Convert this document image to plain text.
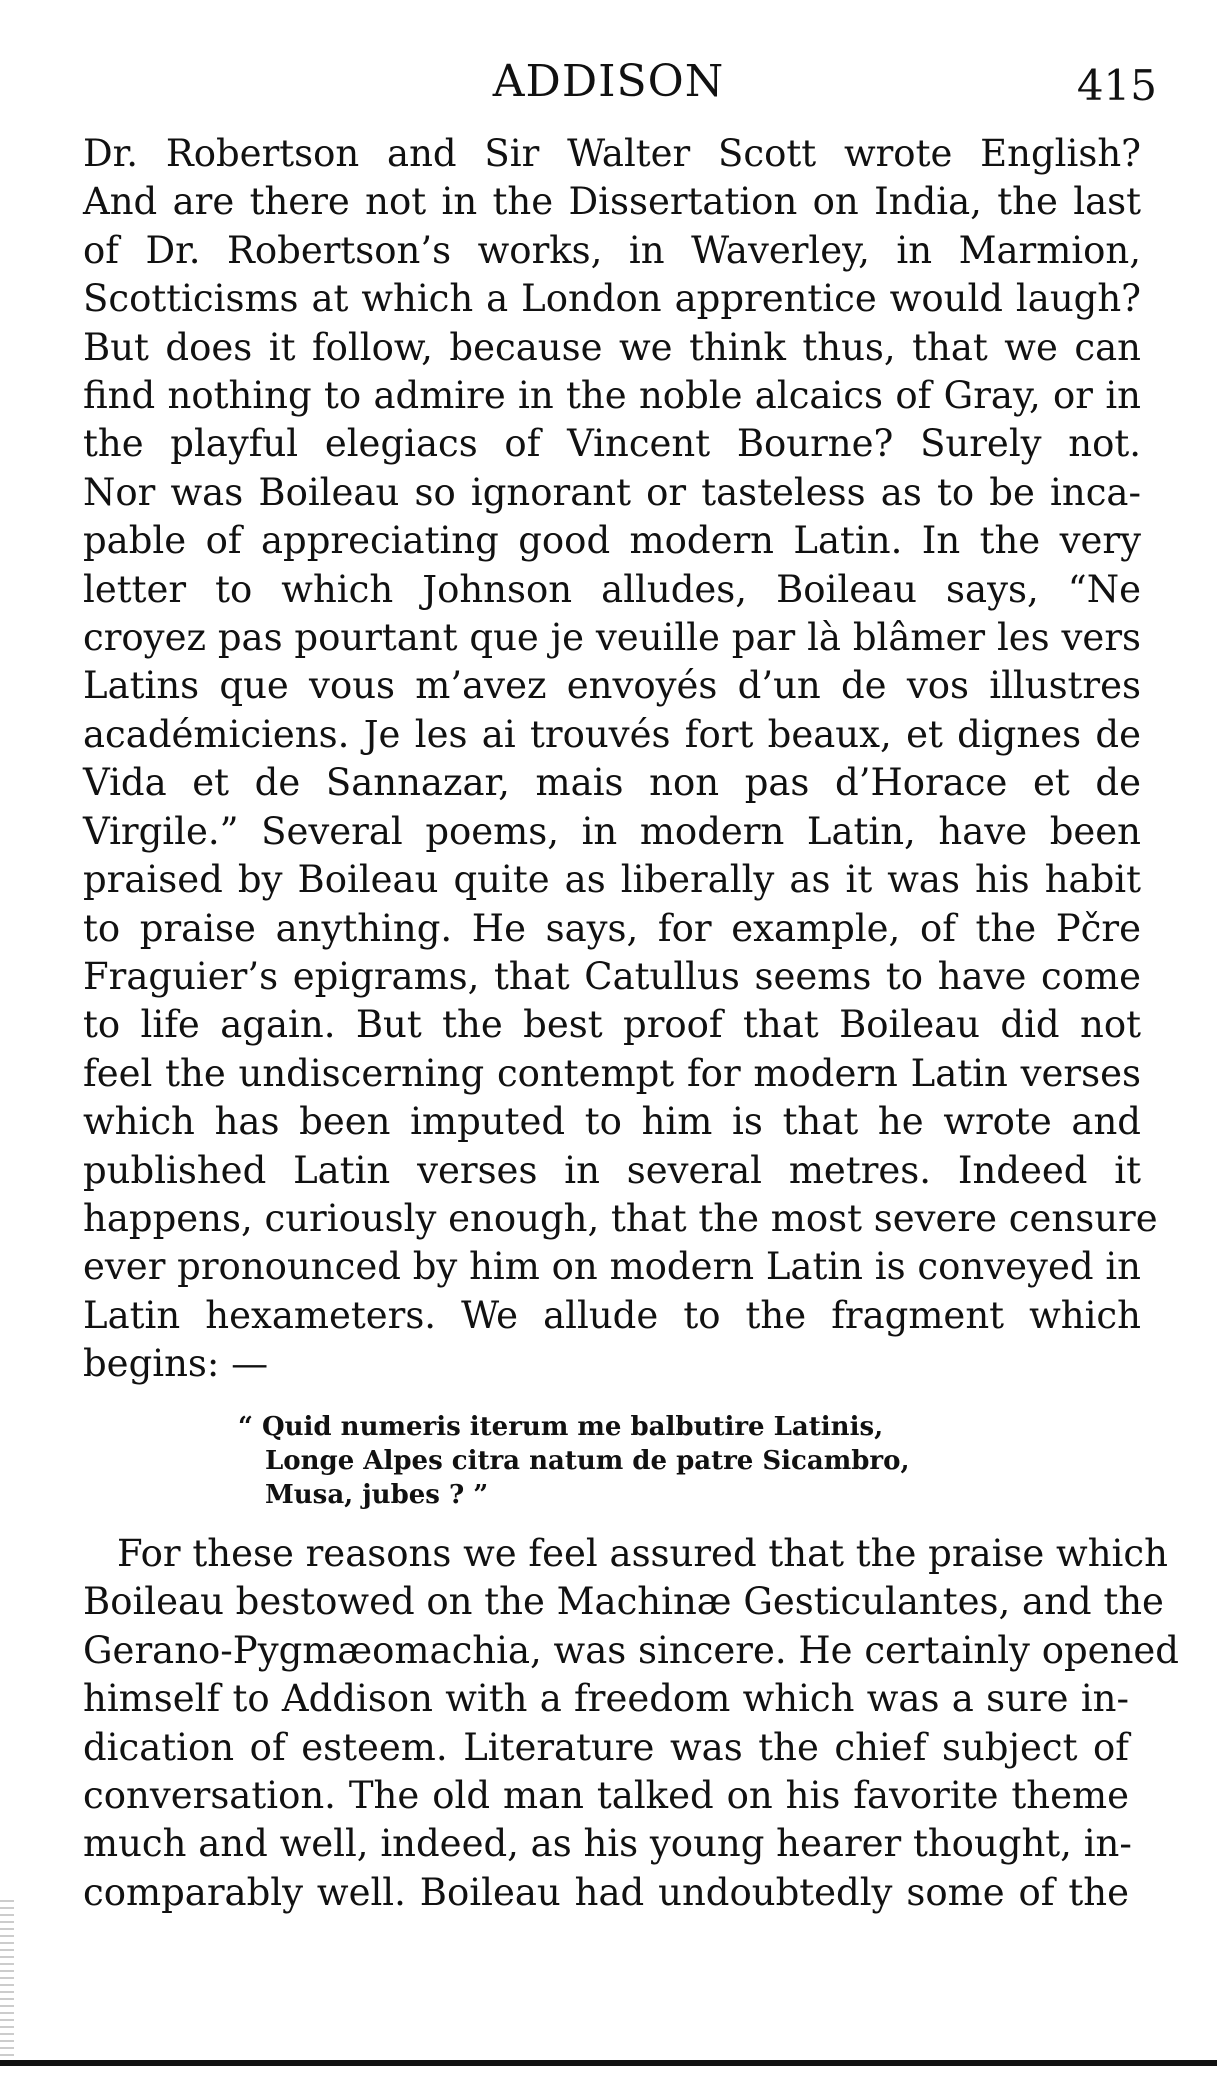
ADDISON	415
Dr. Robertson and Sir Walter Scott wrote English?
And are there not in the Dissertation on India, the last
of Dr. Robertson’s works, in Waverley, in Marmion,
Scotticisms at which a London apprentice would laugh?
But does it follow, because we think thus, that we can
find nothing to admire in the noble alcaics of Gray, or in
the playful elegiacs of Vincent Bourne? Surely not.
Nor was Boileau so ignorant or tasteless as to be inca-
pable of appreciating good modern Latin. In the very
letter to which Johnson alludes, Boileau says, “Ne
croyez pas pourtant que je veuille par là blâmer les vers
Latins que vous m’avez envoyés d’un de vos illustres
académiciens. Je les ai trouvés fort beaux, et dignes de
Vida et de Sannazar, mais non pas d’Horace et de
Virgile.” Several poems, in modern Latin, have been
praised by Boileau quite as liberally as it was his habit
to praise anything. He says, for example, of the Pčre
Fraguier’s epigrams, that Catullus seems to have come
to life again. But the best proof that Boileau did not
feel the undiscerning contempt for modern Latin verses
which has been imputed to him is that he wrote and
published Latin verses in several metres. Indeed it
happens, curiously enough, that the most severe censure
ever pronounced by him on modern Latin is conveyed in
Latin hexameters. We allude to the fragment which
begins: —
“ Quid numeris iterum me balbutire Latinis,
Longe Alpes citra natum de patre Sicambro,
Musa, jubes ? ”
For these reasons we feel assured that the praise which
Boileau bestowed on the Machinæ Gesticulantes, and the
Gerano-Pygmæomachia, was sincere. He certainly opened
himself to Addison with a freedom which was a sure in-
dication of esteem. Literature was the chief subject of
conversation. The old man talked on his favorite theme
much and well, indeed, as his young hearer thought, in-
comparably well. Boileau had undoubtedly some of the
